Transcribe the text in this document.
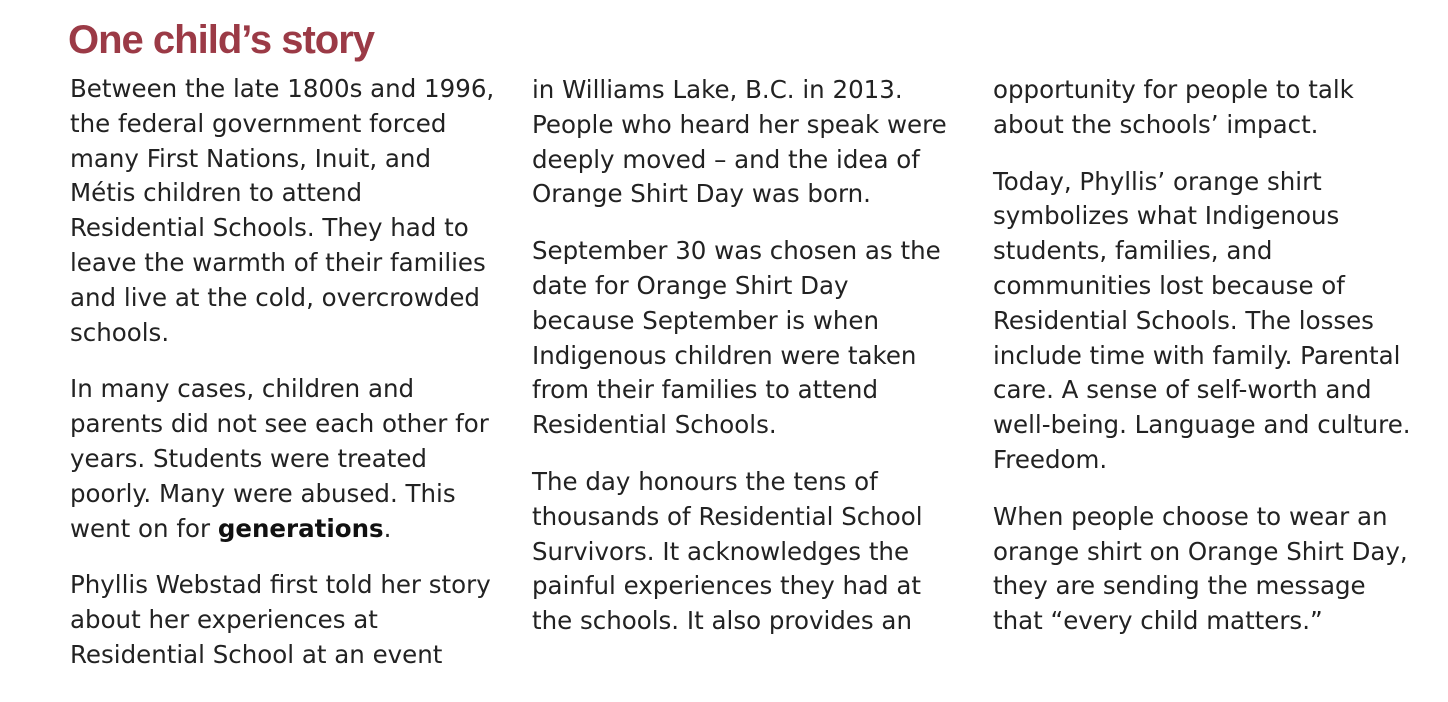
One child’s story

Between the late 1800s and 1996, the federal government forced many First Nations, Inuit, and Métis children to attend Residential Schools. They had to leave the warmth of their families and live at the cold, overcrowded schools.

In many cases, children and parents did not see each other for years. Students were treated poorly. Many were abused. This went on for generations.

Phyllis Webstad first told her story about her experiences at Residential School at an event

in Williams Lake, B.C. in 2013. People who heard her speak were deeply moved – and the idea of Orange Shirt Day was born.

September 30 was chosen as the date for Orange Shirt Day because September is when Indigenous children were taken from their families to attend Residential Schools.

The day honours the tens of thousands of Residential School Survivors. It acknowledges the painful experiences they had at the schools. It also provides an

opportunity for people to talk about the schools’ impact.

Today, Phyllis’ orange shirt symbolizes what Indigenous students, families, and communities lost because of Residential Schools. The losses include time with family. Parental care. A sense of self-worth and well-being. Language and culture. Freedom.

When people choose to wear an orange shirt on Orange Shirt Day, they are sending the message that “every child matters.”
